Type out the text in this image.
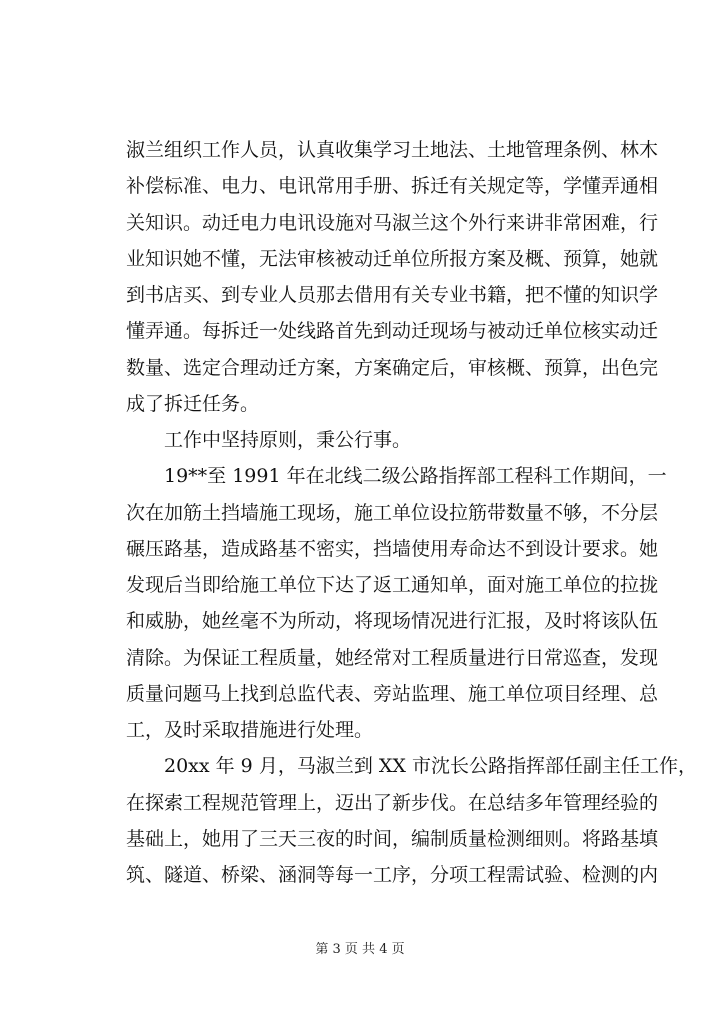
淑兰组织工作人员，认真收集学习土地法、土地管理条例、林木
补偿标准、电力、电讯常用手册、拆迁有关规定等，学懂弄通相
关知识。动迁电力电讯设施对马淑兰这个外行来讲非常困难，行
业知识她不懂，无法审核被动迁单位所报方案及概、预算，她就
到书店买、到专业人员那去借用有关专业书籍，把不懂的知识学
懂弄通。每拆迁一处线路首先到动迁现场与被动迁单位核实动迁
数量、选定合理动迁方案，方案确定后，审核概、预算，出色完
成了拆迁任务。
工作中坚持原则，秉公行事。
19**至 1991 年在北线二级公路指挥部工程科工作期间，一
次在加筋土挡墙施工现场，施工单位设拉筋带数量不够，不分层
碾压路基，造成路基不密实，挡墙使用寿命达不到设计要求。她
发现后当即给施工单位下达了返工通知单，面对施工单位的拉拢
和威胁，她丝毫不为所动，将现场情况进行汇报，及时将该队伍
清除。为保证工程质量，她经常对工程质量进行日常巡查，发现
质量问题马上找到总监代表、旁站监理、施工单位项目经理、总
工，及时采取措施进行处理。
20xx 年 9 月，马淑兰到 XX 市沈长公路指挥部任副主任工作，
在探索工程规范管理上，迈出了新步伐。在总结多年管理经验的
基础上，她用了三天三夜的时间，编制质量检测细则。将路基填
筑、隧道、桥梁、涵洞等每一工序，分项工程需试验、检测的内
第 3 页 共 4 页
